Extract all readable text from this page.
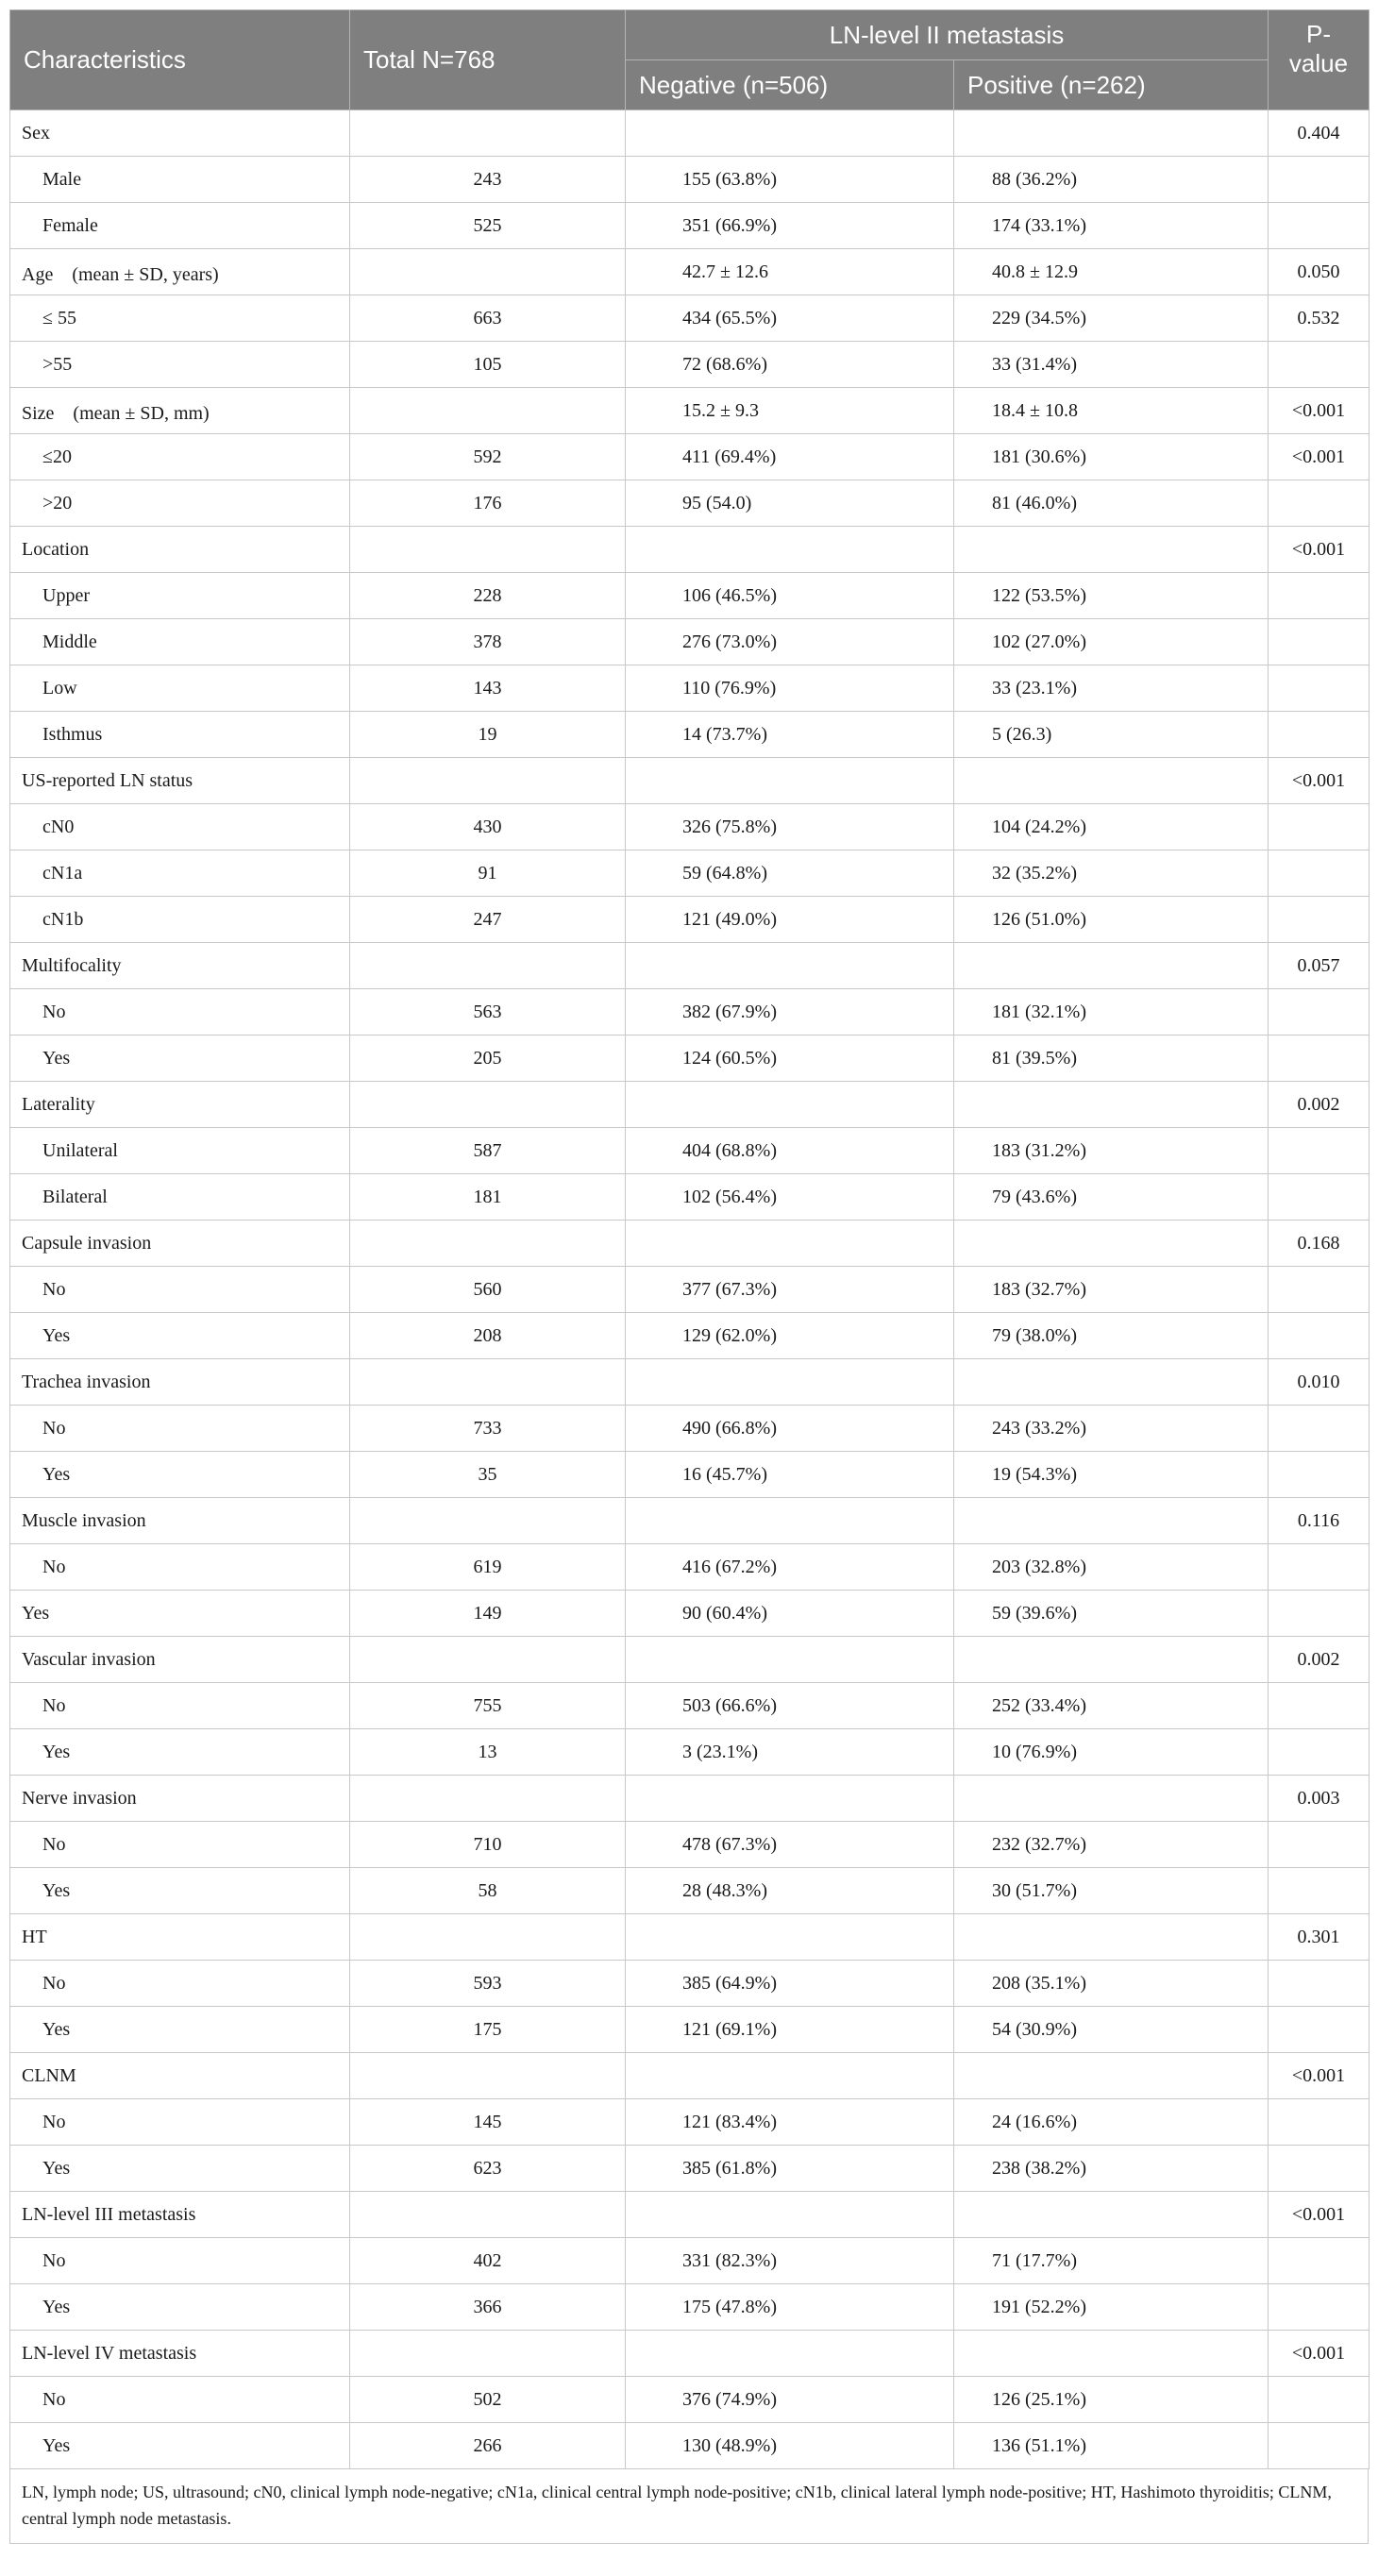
Characteristics	Total N=768	LN-level II metastasis		P-value
		Negative (n=506)	Positive (n=262)	
Sex				0.404
Male	243	155 (63.8%)	88 (36.2%)	
Female	525	351 (66.9%)	174 (33.1%)	
Age　(mean ± SD, years)		42.7 ± 12.6	40.8 ± 12.9	0.050
≤ 55	663	434 (65.5%)	229 (34.5%)	0.532
>55	105	72 (68.6%)	33 (31.4%)	
Size　(mean ± SD, mm)		15.2 ± 9.3	18.4 ± 10.8	<0.001
≤20	592	411 (69.4%)	181 (30.6%)	<0.001
>20	176	95 (54.0)	81 (46.0%)	
Location				<0.001
Upper	228	106 (46.5%)	122 (53.5%)	
Middle	378	276 (73.0%)	102 (27.0%)	
Low	143	110 (76.9%)	33 (23.1%)	
Isthmus	19	14 (73.7%)	5 (26.3)	
US-reported LN status				<0.001
cN0	430	326 (75.8%)	104 (24.2%)	
cN1a	91	59 (64.8%)	32 (35.2%)	
cN1b	247	121 (49.0%)	126 (51.0%)	
Multifocality				0.057
No	563	382 (67.9%)	181 (32.1%)	
Yes	205	124 (60.5%)	81 (39.5%)	
Laterality				0.002
Unilateral	587	404 (68.8%)	183 (31.2%)	
Bilateral	181	102 (56.4%)	79 (43.6%)	
Capsule invasion				0.168
No	560	377 (67.3%)	183 (32.7%)	
Yes	208	129 (62.0%)	79 (38.0%)	
Trachea invasion				0.010
No	733	490 (66.8%)	243 (33.2%)	
Yes	35	16 (45.7%)	19 (54.3%)	
Muscle invasion				0.116
No	619	416 (67.2%)	203 (32.8%)	
Yes	149	90 (60.4%)	59 (39.6%)	
Vascular invasion				0.002
No	755	503 (66.6%)	252 (33.4%)	
Yes	13	3 (23.1%)	10 (76.9%)	
Nerve invasion				0.003
No	710	478 (67.3%)	232 (32.7%)	
Yes	58	28 (48.3%)	30 (51.7%)	
HT				0.301
No	593	385 (64.9%)	208 (35.1%)	
Yes	175	121 (69.1%)	54 (30.9%)	
CLNM				<0.001
No	145	121 (83.4%)	24 (16.6%)	
Yes	623	385 (61.8%)	238 (38.2%)	
LN-level III metastasis				<0.001
No	402	331 (82.3%)	71 (17.7%)	
Yes	366	175 (47.8%)	191 (52.2%)	
LN-level IV metastasis				<0.001
No	502	376 (74.9%)	126 (25.1%)	
Yes	266	130 (48.9%)	136 (51.1%)	
LN, lymph node; US, ultrasound; cN0, clinical lymph node-negative; cN1a, clinical central lymph node-positive; cN1b, clinical lateral lymph node-positive; HT, Hashimoto thyroiditis; CLNM, central lymph node metastasis.
